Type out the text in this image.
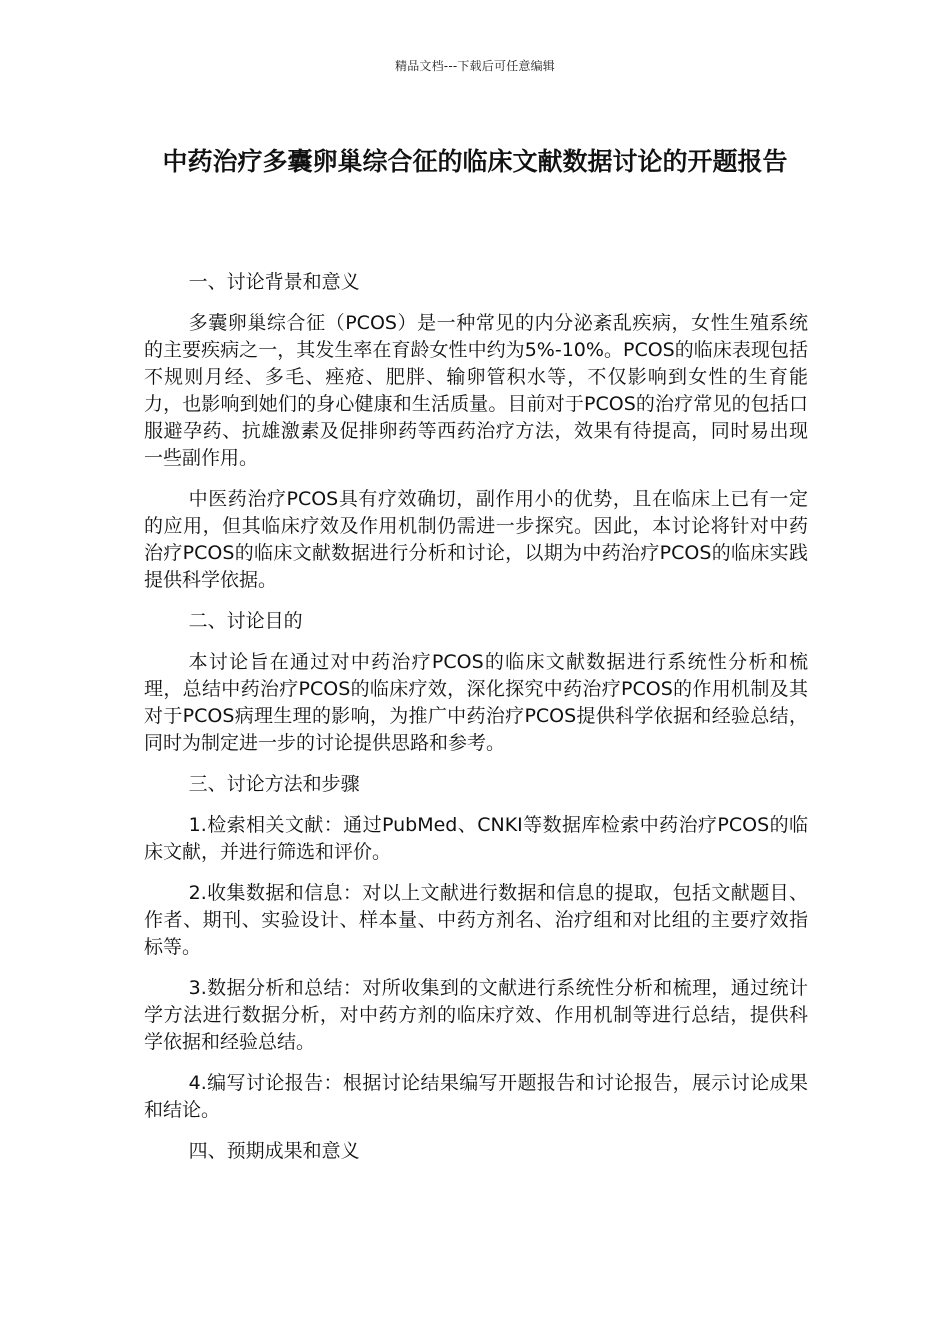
精品文档---下载后可任意编辑
中药治疗多囊卵巢综合征的临床文献数据讨论的开题报告

一、讨论背景和意义

多囊卵巢综合征（PCOS）是一种常见的内分泌紊乱疾病，女性生殖系统的主要疾病之一，其发生率在育龄女性中约为5%-10%。PCOS的临床表现包括不规则月经、多毛、痤疮、肥胖、输卵管积水等，不仅影响到女性的生育能力，也影响到她们的身心健康和生活质量。目前对于PCOS的治疗常见的包括口服避孕药、抗雄激素及促排卵药等西药治疗方法，效果有待提高，同时易出现一些副作用。

中医药治疗PCOS具有疗效确切，副作用小的优势，且在临床上已有一定的应用，但其临床疗效及作用机制仍需进一步探究。因此，本讨论将针对中药治疗PCOS的临床文献数据进行分析和讨论，以期为中药治疗PCOS的临床实践提供科学依据。

二、讨论目的

本讨论旨在通过对中药治疗PCOS的临床文献数据进行系统性分析和梳理，总结中药治疗PCOS的临床疗效，深化探究中药治疗PCOS的作用机制及其对于PCOS病理生理的影响，为推广中药治疗PCOS提供科学依据和经验总结，同时为制定进一步的讨论提供思路和参考。

三、讨论方法和步骤

1.检索相关文献：通过PubMed、CNKI等数据库检索中药治疗PCOS的临床文献，并进行筛选和评价。

2.收集数据和信息：对以上文献进行数据和信息的提取，包括文献题目、作者、期刊、实验设计、样本量、中药方剂名、治疗组和对比组的主要疗效指标等。

3.数据分析和总结：对所收集到的文献进行系统性分析和梳理，通过统计学方法进行数据分析，对中药方剂的临床疗效、作用机制等进行总结，提供科学依据和经验总结。

4.编写讨论报告：根据讨论结果编写开题报告和讨论报告，展示讨论成果和结论。

四、预期成果和意义
